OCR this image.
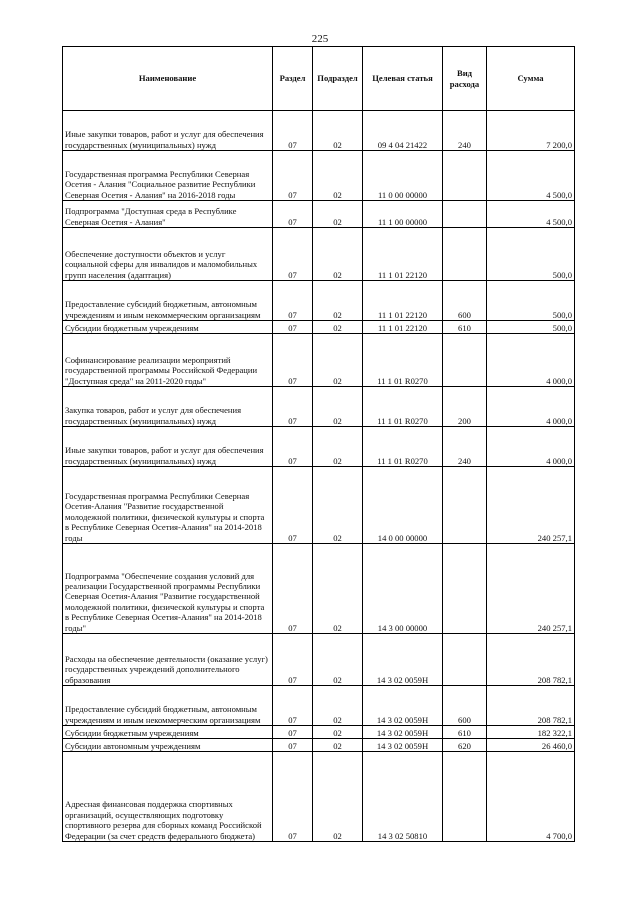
225
Наименование	Раздел	Подраздел	Целевая статья	Вид расхода	Сумма
Иные закупки товаров, работ и услуг для обеспечения государственных (муниципальных) нужд	07	02	09 4 04 21422	240	7 200,0
Государственная программа Республики Северная Осетия - Алания "Социальное развитие Республики Северная Осетия - Алания" на 2016-2018 годы	07	02	11 0 00 00000		4 500,0
Подпрограмма "Доступная среда в Республике Северная Осетия - Алания"	07	02	11 1 00 00000		4 500,0
Обеспечение доступности объектов и услуг социальной сферы для инвалидов и маломобильных групп населения (адаптация)	07	02	11 1 01 22120		500,0
Предоставление субсидий бюджетным, автономным учреждениям и иным некоммерческим организациям	07	02	11 1 01 22120	600	500,0
Субсидии бюджетным учреждениям	07	02	11 1 01 22120	610	500,0
Софинансирование реализации мероприятий государственной программы Российской Федерации "Доступная среда" на 2011-2020 годы"	07	02	11 1 01 R0270		4 000,0
Закупка товаров, работ и услуг для обеспечения государственных (муниципальных) нужд	07	02	11 1 01 R0270	200	4 000,0
Иные закупки товаров, работ и услуг для обеспечения государственных (муниципальных) нужд	07	02	11 1 01 R0270	240	4 000,0
Государственная программа Республики Северная Осетия-Алания "Развитие государственной молодежной политики, физической культуры и спорта в Республике Северная Осетия-Алания" на 2014-2018 годы	07	02	14 0 00 00000		240 257,1
Подпрограмма "Обеспечение создания условий для реализации Государственной программы Республики Северная Осетия-Алания "Развитие государственной молодежной политики, физической культуры и спорта в Республике Северная Осетия-Алания" на 2014-2018 годы"	07	02	14 3 00 00000		240 257,1
Расходы на обеспечение деятельности (оказание услуг) государственных учреждений дополнительного образования	07	02	14 3 02 0059Н		208 782,1
Предоставление субсидий бюджетным, автономным учреждениям и иным некоммерческим организациям	07	02	14 3 02 0059Н	600	208 782,1
Субсидии бюджетным учреждениям	07	02	14 3 02 0059Н	610	182 322,1
Субсидии автономным учреждениям	07	02	14 3 02 0059Н	620	26 460,0
Адресная финансовая поддержка спортивных организаций, осуществляющих подготовку спортивного резерва для сборных команд Российской Федерации (за счет средств федерального бюджета)	07	02	14 3 02 50810		4 700,0
